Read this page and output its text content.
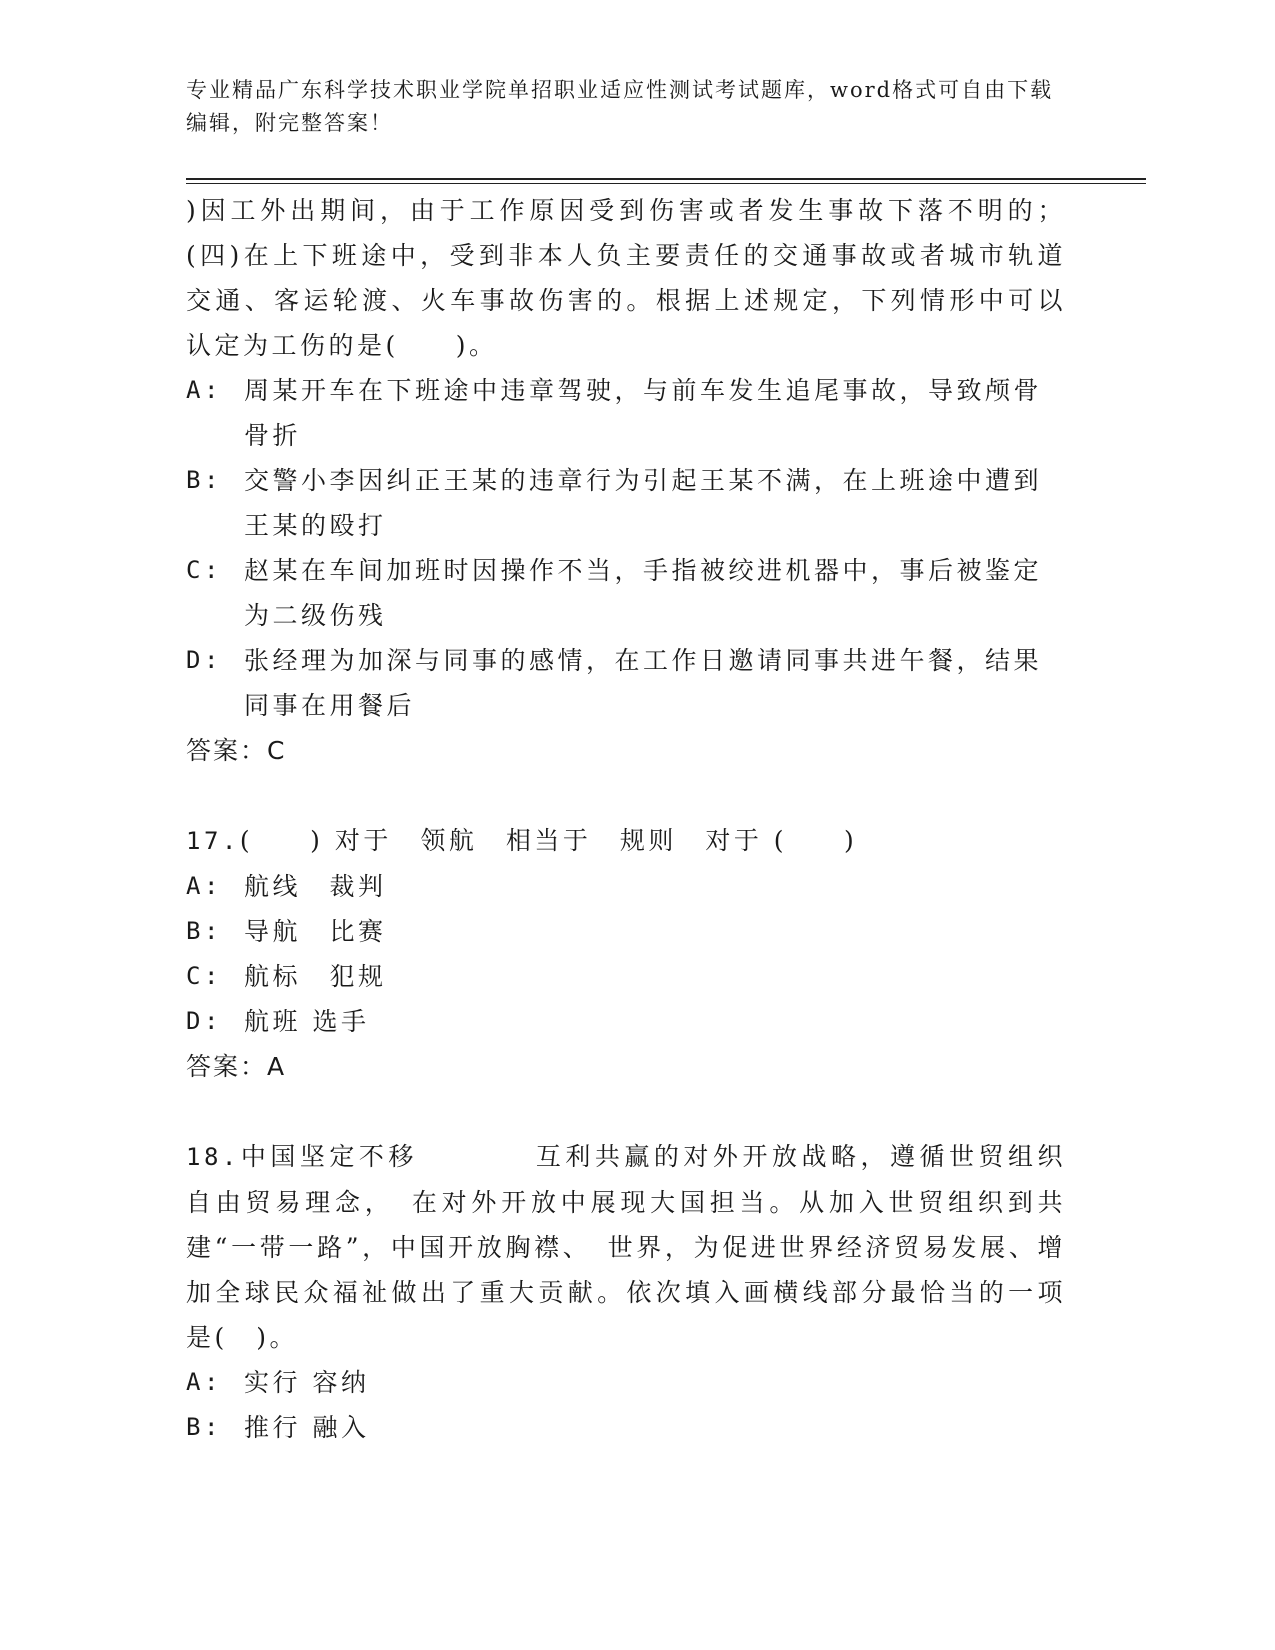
专业精品广东科学技术职业学院单招职业适应性测试考试题库，word格式可自由下载编辑，附完整答案！

)因工外出期间，由于工作原因受到伤害或者发生事故下落不明的；(四)在上下班途中，受到非本人负主要责任的交通事故或者城市轨道交通、客运轮渡、火车事故伤害的。根据上述规定，下列情形中可以认定为工伤的是(　　)。

A: 周某开车在下班途中违章驾驶，与前车发生追尾事故，导致颅骨骨折
B: 交警小李因纠正王某的违章行为引起王某不满，在上班途中遭到王某的殴打
C: 赵某在车间加班时因操作不当，手指被绞进机器中，事后被鉴定为二级伤残
D: 张经理为加深与同事的感情，在工作日邀请同事共进午餐，结果同事在用餐后

答案：C

17.(　　) 对于　领航　相当于　规则　对于 (　　)

A: 航线　裁判
B: 导航　比赛
C: 航标　犯规
D: 航班 选手

答案：A

18.中国坚定不移　　　　互利共赢的对外开放战略，遵循世贸组织自由贸易理念，　在对外开放中展现大国担当。从加入世贸组织到共建“一带一路”，中国开放胸襟、　世界，为促进世界经济贸易发展、增加全球民众福祉做出了重大贡献。依次填入画横线部分最恰当的一项是(　)。

A: 实行 容纳
B: 推行 融入
